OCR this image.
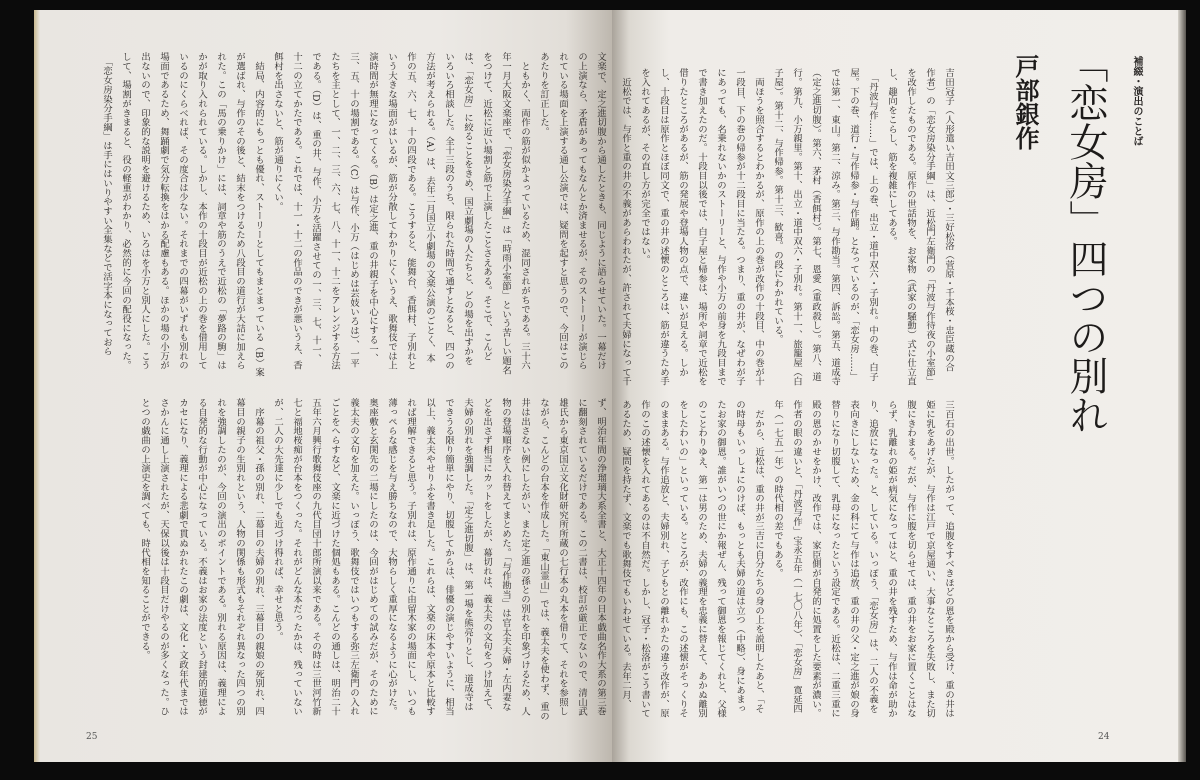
補綴・演出のことば
「恋女房」四つの別れ
戸部銀作
吉田冠子（人形遣い吉田文三郎）・三好松洛（菅原・千本桜・忠臣蔵の合
作者）の「恋女房染分手綱」は、近松門左衛門の「丹波与作待夜の小室節」
を改作したものである。原作の世話物を、お家物（武家の騒動）式に仕立直
し、趣向をこらし、筋を複雑にしてある。
　「丹波与作……」では、上の巻、出立・道中双六・子別れ。中の巻、白子
屋。下の巻、道行・与作帰参・与作踊。となっているのが、「恋女房……」
では第一、東山。第二、涼み。第三、与作勘当。第四、訴訟。第五、道成寺
（定之進切腹）。第六、茅村（香餌村）。第七、恩愛（重政殺し）。第八、道
行。第九、小万親里。第十、出立・道中双六・子別れ。第十一、旅籠屋（白
子屋）。第十二、与作帰参。第十三、歓喜。の段にわかれている。
　両ほうを照合するとわかるが、原作の上の巻が改作の十段目、中の巻が十
一段目、下の巻の帰参が十二段目に当たる。つまり、重の井が、なぜわが子
にあっても、名乗れないかのストーリーと、与作や小万の前身を九段目まで
で書き加えたのだ。十段目以後では、白子屋と帰参は、場所や詞章で近松を
借りたところがあるが、筋の発展や登場人物の点で、違いが見える。しか
し、十段目は原作とほぼ同文で、重の井の述懐のところは、筋が違うため手
を入れてあるが、その直し方が完全ではない。
　近松では、与作と重の井の不義があらわれたが、許されて夫婦になって千
三百石の出世。したがって、追腹をすべきほどの恩を殿から受け、重の井は
姫に乳をあげたが、与作は江戸で京屋通い、大事なところを失敗し、また切
腹にきわまる。だが、与作に腹を切らせては、重の井をお家に置くことはな
らず、乳離れの姫が病気になってはと、重の井を残すため、与作は命が助か
り、追放になった。と、している。いっぽう、「恋女房」は、二人の不義を
表向きにしないため、金の科にて与作は追放、重の井の父・定之進が娘の身
替りになり切腹して、乳母になったという設定である。近松は、二重三重に
殿の恩のかせをかけ、改作では、家臣側が自発的に処置をした要素が濃い。
作者の眼の違いと、「丹波与作」宝永五年（一七〇八年）、「恋女房」寛延四
年（一七五一年）の時代相の差でもある。
　だから、近松は、重の井が三吉に自分たちの身の上を説明したあと、「そ
の時母もいっしょにのけば、もっとも夫婦の道は立つ（中略）、身にあまっ
たお家の御恩。誰がいつの世にか報ぜん、残って御恩を報じてくれと、父様
のことわりゆえ、第一は男のため、夫婦の義理を忠義に替えて、あかぬ離別
をしたわいの」といっている。ところが、改作にも、この述懐がそっくりそ
のままある。与作追放と、夫婦別れ、子どもとの離れかたの違う改作が、原
作のこの述懐を入れてあるのは不自然だ。しかし、冠子・松洛がこう書いて
あるため、疑問を持たず、文楽でも歌舞伎でもいわせている。去年二月、
文楽で、定之進切腹から通したときも、同じように語らせていた。一幕だけ
の上演なら、矛盾があってもなんとか済ませるが、そのストーリーが演じら
れている場面を上演する通し公演では、疑問を起すと思うので、今回はこの
あたりを訂正した。
　ともかく、両作の筋が似かよっているため、混同されがちである。三十六
年一月大阪文楽座で、「恋女房染分手綱」は「時雨小室節」という苦しい題名
をつけて、近松に近い場割と筋で上演したことさえある。そこで、こんど
は、「恋女房」に絞ることをきめ、国立劇場の人たちと、どの場を出すかを
いろいろ相談した。全十三段のうち、限られた時間で通すとなると、四つの
方法が考えられる。（A）は、去年二月国立小劇場の文楽公演のごとく、本
作の五、六、七、十の四段である。こうすると、能舞台、香餌村、子別れと
いう大きな場面がはいるが、筋が分散してわかりにくいうえ、歌舞伎では上
演時間が無理になってくる。（B）は定之進、重の井親子を中心にする一、
三、五、十の場割である。（C）は与作、小万（はじめは芸妓いろは）、一平
たちを主として、一、二、三、六、七、八、十一、十二をアレンジする方法
である。（D）は、重の井、与作、小万を活躍させての一、三、七、十一、
十二の立てかたである。これでは、十一・十二の作品のできが悪いうえ、香
餌村を出さないと、筋が通りにくい。
　結局、内容的にもっとも優れ、ストーリーとしてもまとまっている（B）案
が選ばれ、与作のその後と、結末をつけるため八段目の道行が大詰に加えら
れた。この「馬の乗りかけ」には、詞章や筋のうえで近松の「夢路の駒」は
かが取り入れられている。しかし、本作の十段目が近松の上の巻を借用して
いるのにくらべれば、その度合は少ない。それまでの四幕がいずれも別れの
場面であるため、舞踊劇で気分転換をはかる配慮もある。ほかの場の小万が
出ないので、印象的な説明を避けるため、いろはを小万と別人にした。こう
して、場割がきまると、役の軽重がわかり、必然的に今回の配役になった。
　「恋女房染分手綱」は手にはいりやすい全集などで活字本になっておら
ず、明治年間の浄瑠璃大系全書と、大正十四年の日本戯曲名作大系の第三巻
に翻刻されているだけである。この二書は、校訂が厳正でないので、清山武
雄氏から東京国立文化財研究所所蔵の七行本の丸本を借りて、それを参照し
ながら、こんどの台本を作成した。「東山霊山」では、義太夫を使わず、重の
井は出さない例にしたがい、また定之進の孫との別れを印象づけるため、人
物の登場順序を入れ替えてまとめた。「与作勘当」は官太夫夫婦・左内妻な
どを出さず相当にカットをしたが、幕切れは、義太夫の文句をつけ加えて、
夫婦の別れを強調した。「定之進切腹」は、第一場を熊亮りとし、道成寺は
できうる限り簡単にやり、切腹してからは、俳優の演じやすいように、相当
以上、義太夫やせりふを書き足した。これらは、文楽の床本や原本と比較す
れば理解できると思う。子別れは、原作通りに由留木家の場面にし、いつも
薄っぺらな感じを与え勝ちなので、大物らしく重厚になるように心がけた。
奥座敷と玄関先の二場にしたのは、今回がはじめての試みだが、そのために
義太夫の文句を加えた。いっぽう、歌舞伎ではいつもする弥三左衛門の入れ
ごとをへらすなど、文楽に近づけた個処もある。こんどの通しは、明治二十
五年六月興行歌舞伎座の九代目団十郎所演以来である。その時は三世河竹新
七と福地桜痴が台本をつくった。それがどんな本だったかは、残っていない
が、二人の大先達に少しでも近づけ得れば、幸せと思う。
　序幕の祖父・孫の別れ、二幕目の夫婦の別れ、三幕目の親娘の死別れ、四
幕目の親子の生別れという、人物の関係も形式もそれぞれ異なった四つの別
れを強調したのが、今回の演出のポイントである。別れる原因は、義理によ
る自発的な行動が中心になっている。不義はお家の法度という封建的道徳が
カセになり、義理による悲劇で貫ぬかれたこの劇は、文化・文政年代までは
さかんに通し上演されたが、天保以後は十段目だけやるのが多くなった。ひ
とつの戯曲の上演史を調べても、時代相を知ることができる。
25	24
